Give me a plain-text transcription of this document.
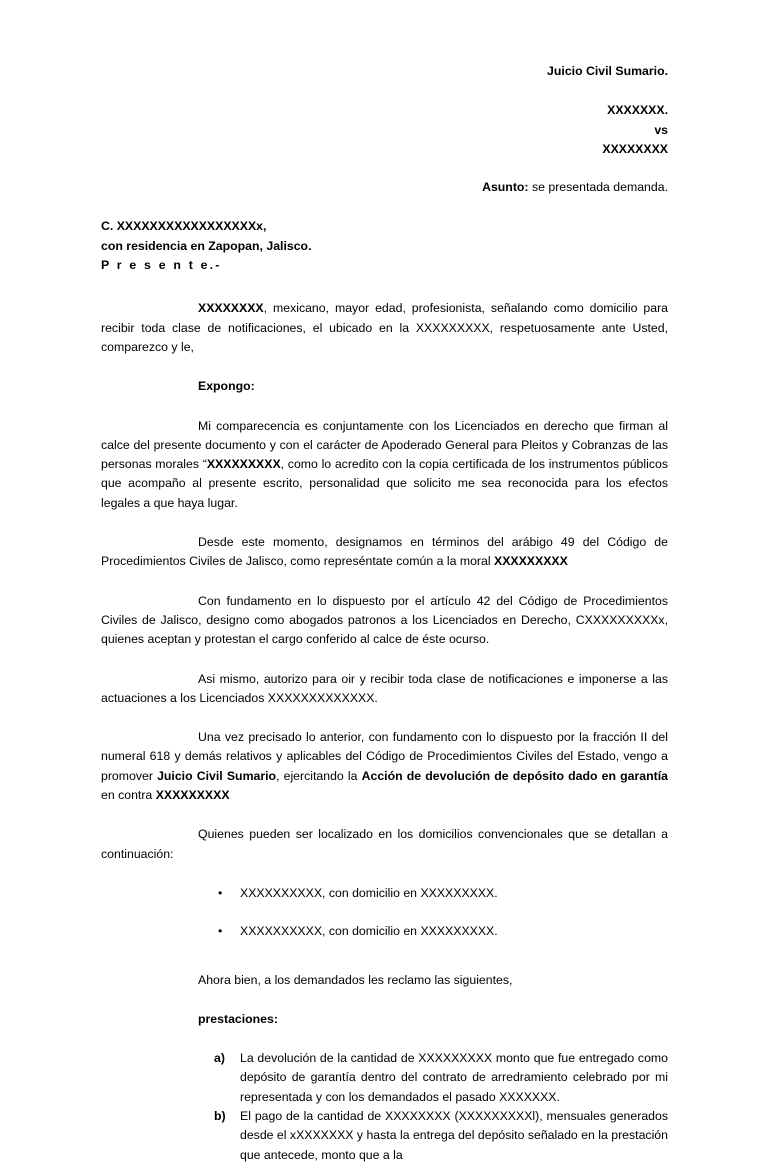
Juicio Civil Sumario.
XXXXXXX.
vs
XXXXXXXX
Asunto: se presentada demanda.
C. XXXXXXXXXXXXXXXXXx,
con residencia en Zapopan, Jalisco.
P r e s e n t e.-

XXXXXXXX, mexicano, mayor edad, profesionista, señalando como domicilio para recibir toda clase de notificaciones, el ubicado en la XXXXXXXXX, respetuosamente ante Usted, comparezco y le,

Expongo:

Mi comparecencia es conjuntamente con los Licenciados en derecho que firman al calce del presente documento y con el carácter de Apoderado General para Pleitos y Cobranzas de las personas morales “XXXXXXXXX, como lo acredito con la copia certificada de los instrumentos públicos que acompaño al presente escrito, personalidad que solicito me sea reconocida para los efectos legales a que haya lugar.

Desde este momento, designamos en términos del arábigo 49 del Código de Procedimientos Civiles de Jalisco, como represéntate común a la moral XXXXXXXXX

Con fundamento en lo dispuesto por el artículo 42 del Código de Procedimientos Civiles de Jalisco, designo como abogados patronos a los Licenciados en Derecho, CXXXXXXXXXx, quienes aceptan y protestan el cargo conferido al calce de éste ocurso.

Asi mismo, autorizo para oir y recibir toda clase de notificaciones e imponerse a las actuaciones a los Licenciados XXXXXXXXXXXXX.

Una vez precisado lo anterior, con fundamento con lo dispuesto por la fracción II del numeral 618 y demás relativos y aplicables del Código de Procedimientos Civiles del Estado, vengo a promover Juicio Civil Sumario, ejercitando la Acción de devolución de depósito dado en garantía en contra XXXXXXXXX

Quienes pueden ser localizado en los domicilios convencionales que se detallan a continuación:

• XXXXXXXXXX, con domicilio en XXXXXXXXX.
• XXXXXXXXXX, con domicilio en XXXXXXXXX.
Ahora bien, a los demandados les reclamo las siguientes,
prestaciones:
a) La devolución de la cantidad de XXXXXXXXX monto que fue entregado como depósito de garantía dentro del contrato de arredramiento celebrado por mi representada y con los demandados el pasado XXXXXXX.
b) El pago de la cantidad de XXXXXXXX (XXXXXXXXXl), mensuales generados desde el xXXXXXXX y hasta la entrega del depósito señalado en la prestación que antecede, monto que a la
